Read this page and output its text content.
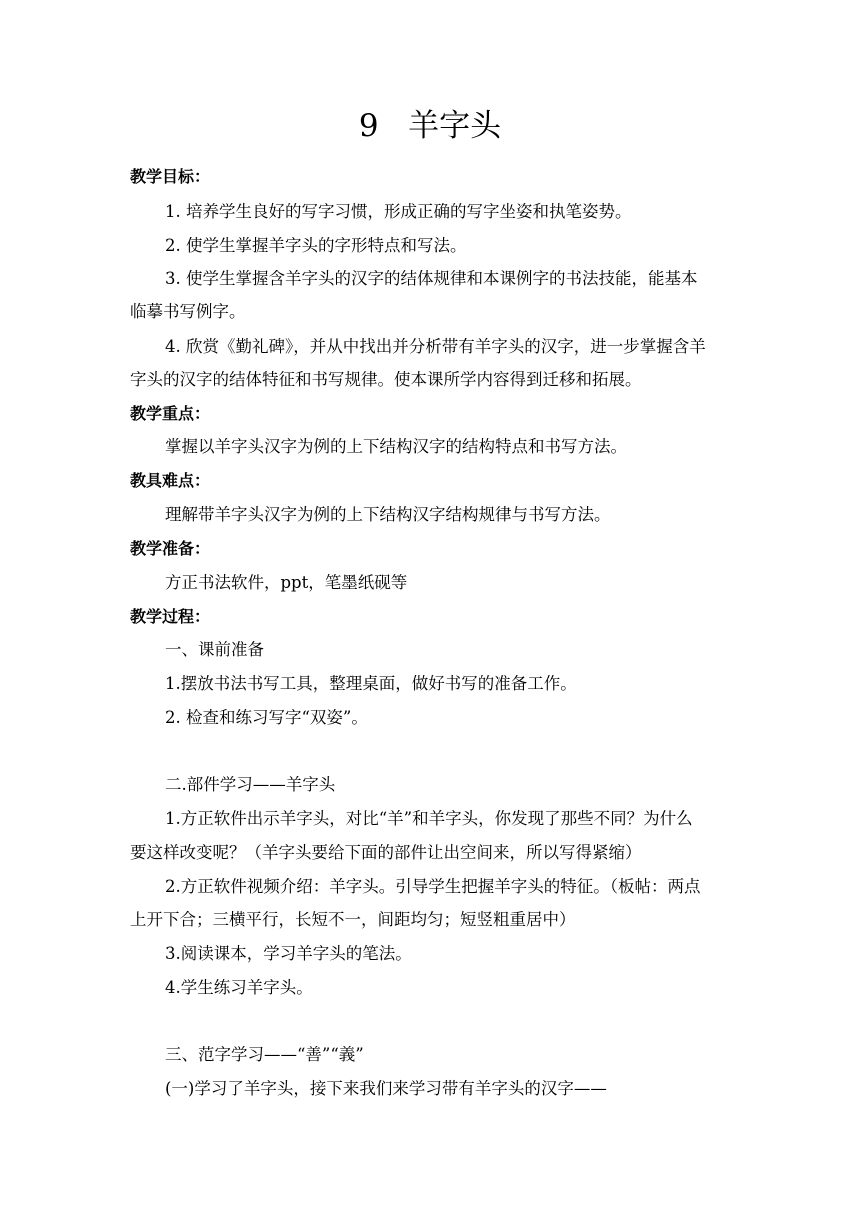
9   羊字头
教学目标：
1. 培养学生良好的写字习惯，形成正确的写字坐姿和执笔姿势。
2. 使学生掌握羊字头的字形特点和写法。
3. 使学生掌握含羊字头的汉字的结体规律和本课例字的书法技能，能基本
临摹书写例字。
4. 欣赏《勤礼碑》，并从中找出并分析带有羊字头的汉字，进一步掌握含羊
字头的汉字的结体特征和书写规律。使本课所学内容得到迁移和拓展。
教学重点：
掌握以羊字头汉字为例的上下结构汉字的结构特点和书写方法。
教具难点：
理解带羊字头汉字为例的上下结构汉字结构规律与书写方法。
教学准备：
方正书法软件，ppt，笔墨纸砚等
教学过程：
一、课前准备
1.摆放书法书写工具，整理桌面，做好书写的准备工作。
2. 检查和练习写字“双姿”。
二.部件学习——羊字头
1.方正软件出示羊字头，对比“羊”和羊字头，你发现了那些不同？为什么
要这样改变呢？（羊字头要给下面的部件让出空间来，所以写得紧缩）
2.方正软件视频介绍：羊字头。引导学生把握羊字头的特征。（板帖：两点
上开下合；三横平行，长短不一，间距均匀；短竖粗重居中）
3.阅读课本，学习羊字头的笔法。
4.学生练习羊字头。
三、范字学习——“善”“義”
(一)学习了羊字头，接下来我们来学习带有羊字头的汉字——
